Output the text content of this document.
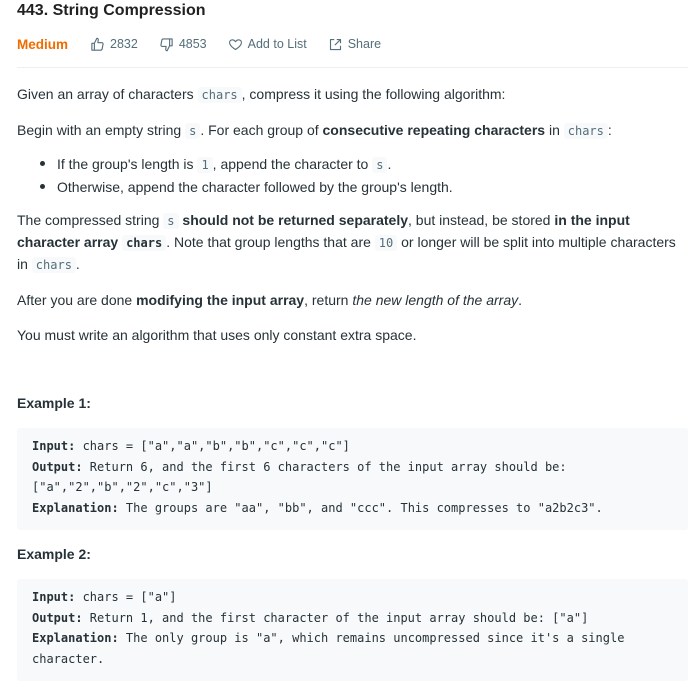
443. String Compression
Medium	2832	4853	Add to List	Share

Given an array of characters chars , compress it using the following algorithm:

Begin with an empty string s . For each group of consecutive repeating characters in chars :

If the group's length is 1 , append the character to s .
Otherwise, append the character followed by the group's length.

The compressed string s should not be returned separately, but instead, be stored in the input character array chars . Note that group lengths that are 10 or longer will be split into multiple characters in chars .

After you are done modifying the input array, return the new length of the array.

You must write an algorithm that uses only constant extra space.

Example 1:
Input: chars = ["a","a","b","b","c","c","c"]
Output: Return 6, and the first 6 characters of the input array should be:
["a","2","b","2","c","3"]
Explanation: The groups are "aa", "bb", and "ccc". This compresses to "a2b2c3".
Example 2:
Input: chars = ["a"]
Output: Return 1, and the first character of the input array should be: ["a"]
Explanation: The only group is "a", which remains uncompressed since it's a single
character.
